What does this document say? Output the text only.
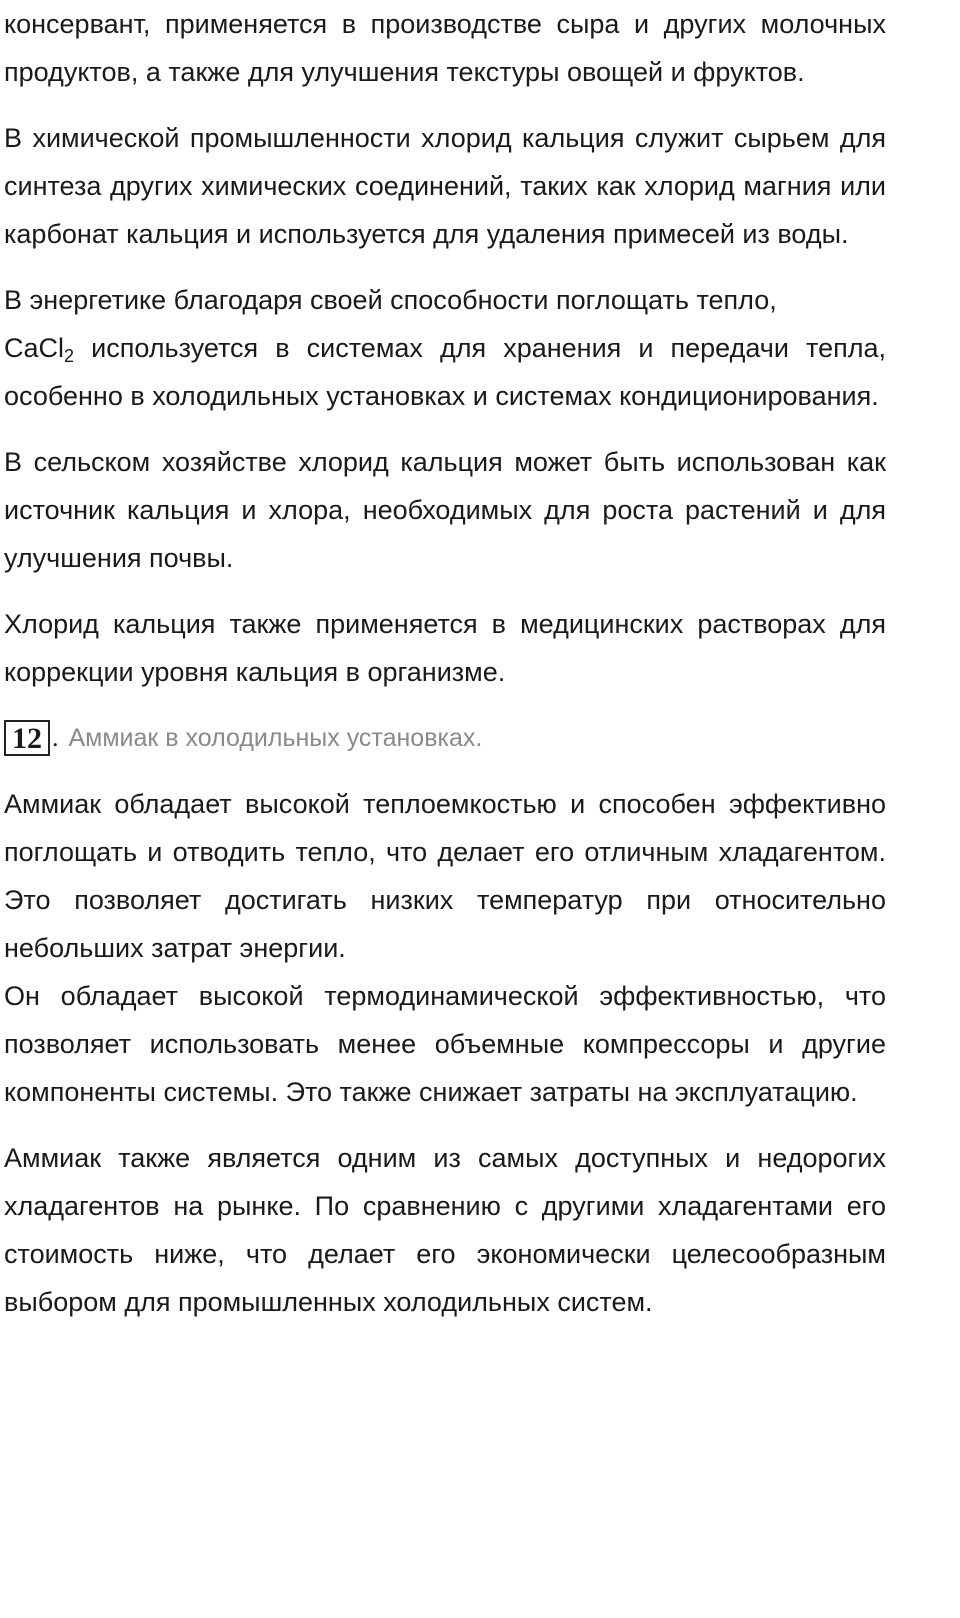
консервант, применяется в производстве сыра и других молочных продуктов, а также для улучшения текстуры овощей и фруктов.

В химической промышленности хлорид кальция служит сырьем для синтеза других химических соединений, таких как хлорид магния или карбонат кальция и используется для удаления примесей из воды.

В энергетике благодаря своей способности поглощать тепло,
CaCl$_2$ используется в системах для хранения и передачи тепла, особенно в холодильных установках и системах кондиционирования.

В сельском хозяйстве хлорид кальция может быть использован как источник кальция и хлора, необходимых для роста растений и для улучшения почвы.

Хлорид кальция также применяется в медицинских растворах для коррекции уровня кальция в организме.

12 . Аммиак в холодильных установках.

Аммиак обладает высокой теплоемкостью и способен эффективно поглощать и отводить тепло, что делает его отличным хладагентом. Это позволяет достигать низких температур при относительно небольших затрат энергии.

Он обладает высокой термодинамической эффективностью, что позволяет использовать менее объемные компрессоры и другие компоненты системы. Это также снижает затраты на эксплуатацию.

Аммиак также является одним из самых доступных и недорогих хладагентов на рынке. По сравнению с другими хладагентами его стоимость ниже, что делает его экономически целесообразным выбором для промышленных холодильных систем.
